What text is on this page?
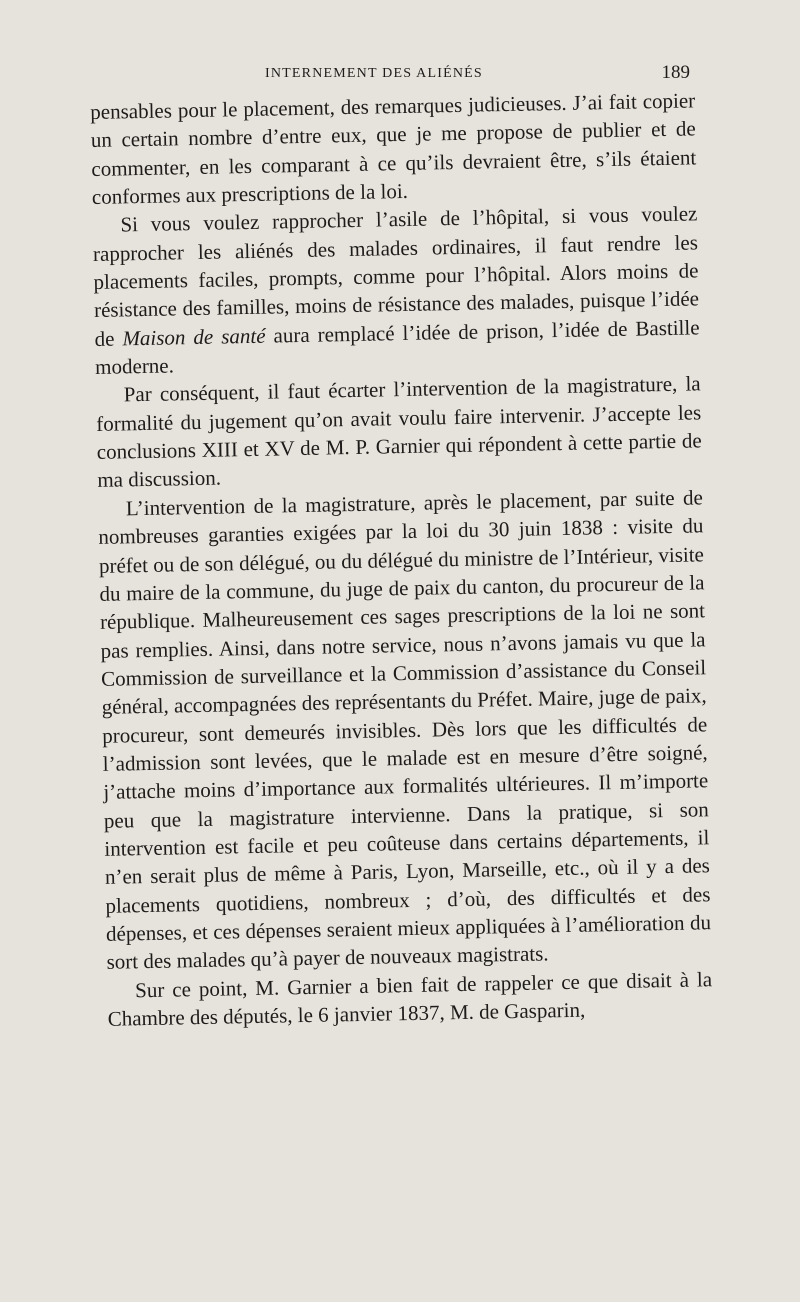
INTERNEMENT DES ALIÉNÉS	189

pensables pour le placement, des remarques judicieuses. J’ai fait copier un certain nombre d’entre eux, que je me propose de publier et de commenter, en les comparant à ce qu’ils devraient être, s’ils étaient conformes aux prescriptions de la loi.

Si vous voulez rapprocher l’asile de l’hôpital, si vous voulez rapprocher les aliénés des malades ordinaires, il faut rendre les placements faciles, prompts, comme pour l’hôpital. Alors moins de résistance des familles, moins de résistance des malades, puisque l’idée de Maison de santé aura remplacé l’idée de prison, l’idée de Bastille moderne.

Par conséquent, il faut écarter l’intervention de la magistrature, la formalité du jugement qu’on avait voulu faire intervenir. J’accepte les conclusions XIII et XV de M. P. Garnier qui répondent à cette partie de ma discussion.

L’intervention de la magistrature, après le placement, par suite de nombreuses garanties exigées par la loi du 30 juin 1838 : visite du préfet ou de son délégué, ou du délégué du ministre de l’Intérieur, visite du maire de la commune, du juge de paix du canton, du procureur de la république. Malheureusement ces sages prescriptions de la loi ne sont pas remplies. Ainsi, dans notre service, nous n’avons jamais vu que la Commission de surveillance et la Commission d’assistance du Conseil général, accompagnées des représentants du Préfet. Maire, juge de paix, procureur, sont demeurés invisibles. Dès lors que les difficultés de l’admission sont levées, que le malade est en mesure d’être soigné, j’attache moins d’importance aux formalités ultérieures. Il m’importe peu que la magistrature intervienne. Dans la pratique, si son intervention est facile et peu coûteuse dans certains départements, il n’en serait plus de même à Paris, Lyon, Marseille, etc., où il y a des placements quotidiens, nombreux ; d’où, des difficultés et des dépenses, et ces dépenses seraient mieux appliquées à l’amélioration du sort des malades qu’à payer de nouveaux magistrats.

Sur ce point, M. Garnier a bien fait de rappeler ce que disait à la Chambre des députés, le 6 janvier 1837, M. de Gasparin,
